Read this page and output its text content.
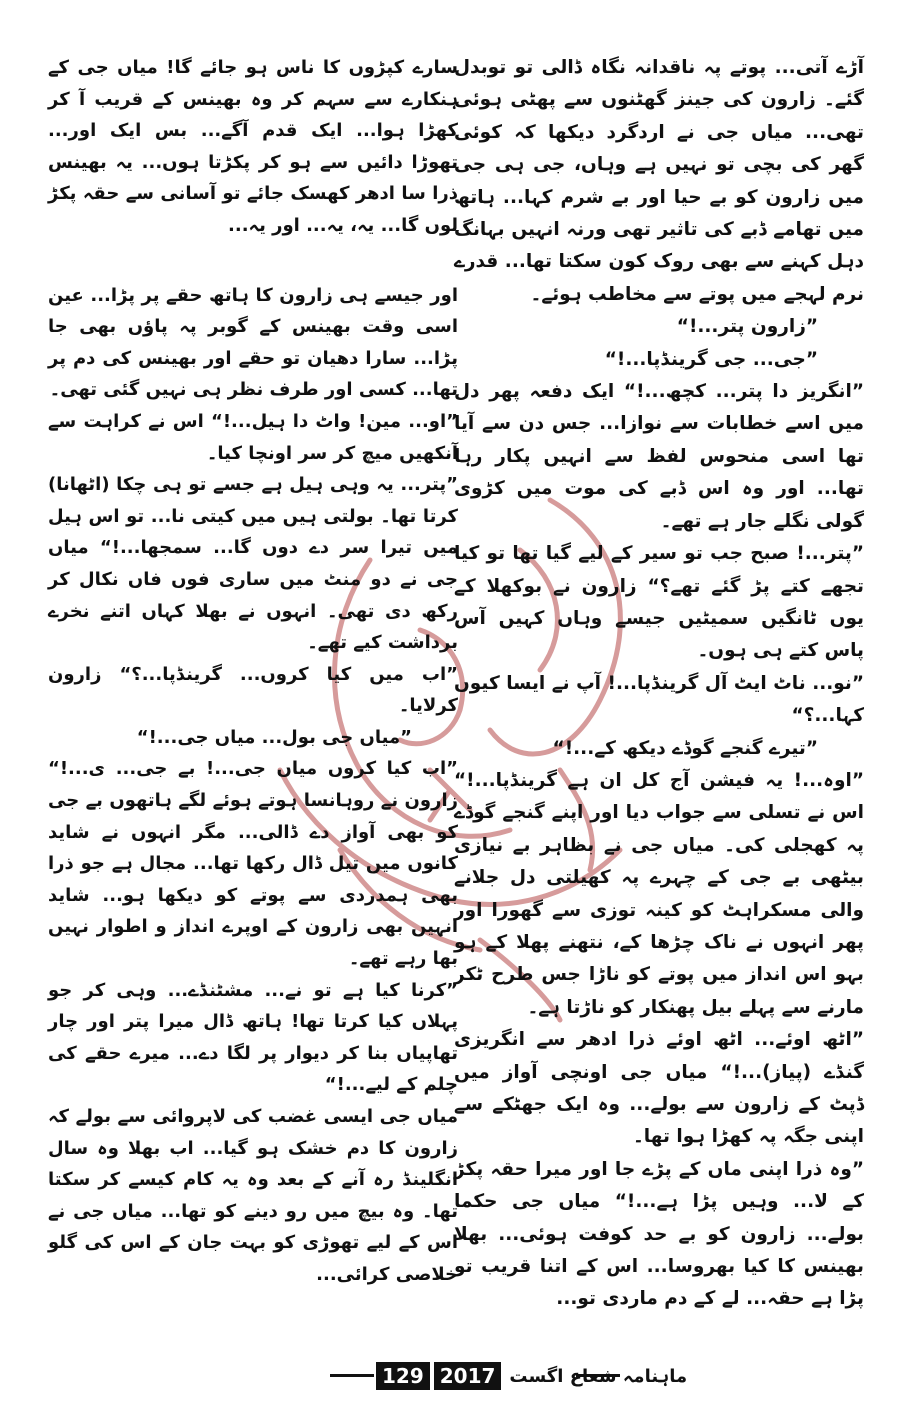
آڑے آتی... پوتے پہ ناقدانہ نگاہ ڈالی تو توبدل گئے۔ زارون کی جینز گھٹنوں سے پھٹی ہوئی تھی... میاں جی نے اردگرد دیکھا کہ کوئی گھر کی بچی تو نہیں ہے وہاں، جی ہی جی میں زارون کو بے حیا اور بے شرم کہا... ہاتھ میں تھامے ڈبے کی تاثیر تھی ورنہ انہیں بہانگ دہل کہنے سے بھی روک کون سکتا تھا... قدرے نرم لہجے میں پوتے سے مخاطب ہوئے۔

”زارون پتر...!“

”جی... جی گرینڈپا...!“

”انگریز دا پتر... کچھ...!“ ایک دفعہ پھر دل میں اسے خطابات سے نوازا... جس دن سے آیا تھا اسی منحوس لفظ سے انہیں پکار رہا تھا... اور وہ اس ڈبے کی موت میں کڑوی گولی نگلے جار ہے تھے۔

”پتر...! صبح جب تو سیر کے لیے گیا تھا تو کیا تجھے کتے پڑ گئے تھے؟“ زارون نے بوکھلا کے یوں ٹانگیں سمیٹیں جیسے وہاں کہیں آس پاس کتے ہی ہوں۔

”نو... ناٹ ایٹ آل گرینڈپا...! آپ نے ایسا کیوں کہا...؟“

”تیرے گنجے گوڈے دیکھ کے...!“

”اوہ...! یہ فیشن آج کل ان ہے گرینڈپا...!“ اس نے تسلی سے جواب دیا اور اپنے گنجے گوڈے پہ کھجلی کی۔ میاں جی نے بظاہر بے نیازی بیٹھی بے جی کے چہرے پہ کھیلتی دل جلانے والی مسکراہٹ کو کینہ توزی سے گھورا اور پھر انہوں نے ناک چڑھا کے، نتھنے پھلا کے ہو بہو اس انداز میں پوتے کو ناڑا جس طرح ٹکر مارنے سے پہلے بیل پھنکار کو ناڑتا ہے۔

”اٹھ اوئے... اٹھ اوئے ذرا ادھر سے انگریزی گنڈے (پیاز)...!“ میاں جی اونچی آواز میں ڈپٹ کے زارون سے بولے... وہ ایک جھٹکے سے اپنی جگہ پہ کھڑا ہوا تھا۔

”وہ ذرا اپنی ماں کے پڑے جا اور میرا حقہ پکڑ کے لا... وہیں پڑا ہے...!“ میاں جی حکما بولے... زارون کو بے حد کوفت ہوئی... بھلا بھینس کا کیا بھروسا... اس کے اتنا قریب تو پڑا ہے حقہ... لے کے دم ماردی تو...

سارے کپڑوں کا ناس ہو جائے گا! میاں جی کے ہنکارے سے سہم کر وہ بھینس کے قریب آ کر کھڑا ہوا... ایک قدم آگے... بس ایک اور... تھوڑا دائیں سے ہو کر پکڑتا ہوں... یہ بھینس ذرا سا ادھر کھسک جائے تو آسانی سے حقہ پکڑ لوں گا... یہ، یہ... اور یہ...

اور جیسے ہی زارون کا ہاتھ حقے پر پڑا... عین اسی وقت بھینس کے گوبر پہ پاؤں بھی جا پڑا... سارا دھیان تو حقے اور بھینس کی دم پر تھا... کسی اور طرف نظر ہی نہیں گئی تھی۔

”او... مین! واٹ دا ہیل...!“ اس نے کراہت سے آنکھیں میچ کر سر اونچا کیا۔

”پتر... یہ وہی ہیل ہے جسے تو ہی چکا (اٹھانا) کرتا تھا۔ بولتی ہیں میں کیتی نا... تو اس ہیل میں تیرا سر دے دوں گا... سمجھا...!“ میاں جی نے دو منٹ میں ساری فوں فاں نکال کر رکھ دی تھی۔ انہوں نے بھلا کہاں اتنے نخرے برداشت کیے تھے۔

”اب میں کیا کروں... گرینڈپا...؟“ زارون کرلایا۔

”میاں جی بول... میاں جی...!“

”اب کیا کروں میاں جی...! بے جی... ی...!“ زارون نے روہانسا ہوتے ہوئے لگے ہاتھوں بے جی کو بھی آواز دے ڈالی... مگر انہوں نے شاید کانوں میں تیل ڈال رکھا تھا... مجال ہے جو ذرا بھی ہمدردی سے پوتے کو دیکھا ہو... شاید انہیں بھی زارون کے اوپرے انداز و اطوار نہیں بھا رہے تھے۔

”کرنا کیا ہے تو نے... مشٹنڈے... وہی کر جو پہلاں کیا کرتا تھا! ہاتھ ڈال میرا پتر اور چار تھاپیاں بنا کر دیوار پر لگا دے... میرے حقے کی چلم کے لیے...!“

میاں جی ایسی غضب کی لاپروائی سے بولے کہ زارون کا دم خشک ہو گیا... اب بھلا وہ سال انگلینڈ رہ آنے کے بعد وہ یہ کام کیسے کر سکتا تھا۔ وہ بیچ میں رو دینے کو تھا... میاں جی نے اس کے لیے تھوڑی کو بہت جان کے اس کی گلو خلاصی کرائی...

ماہنامہ شعاع اگست
2017
129
